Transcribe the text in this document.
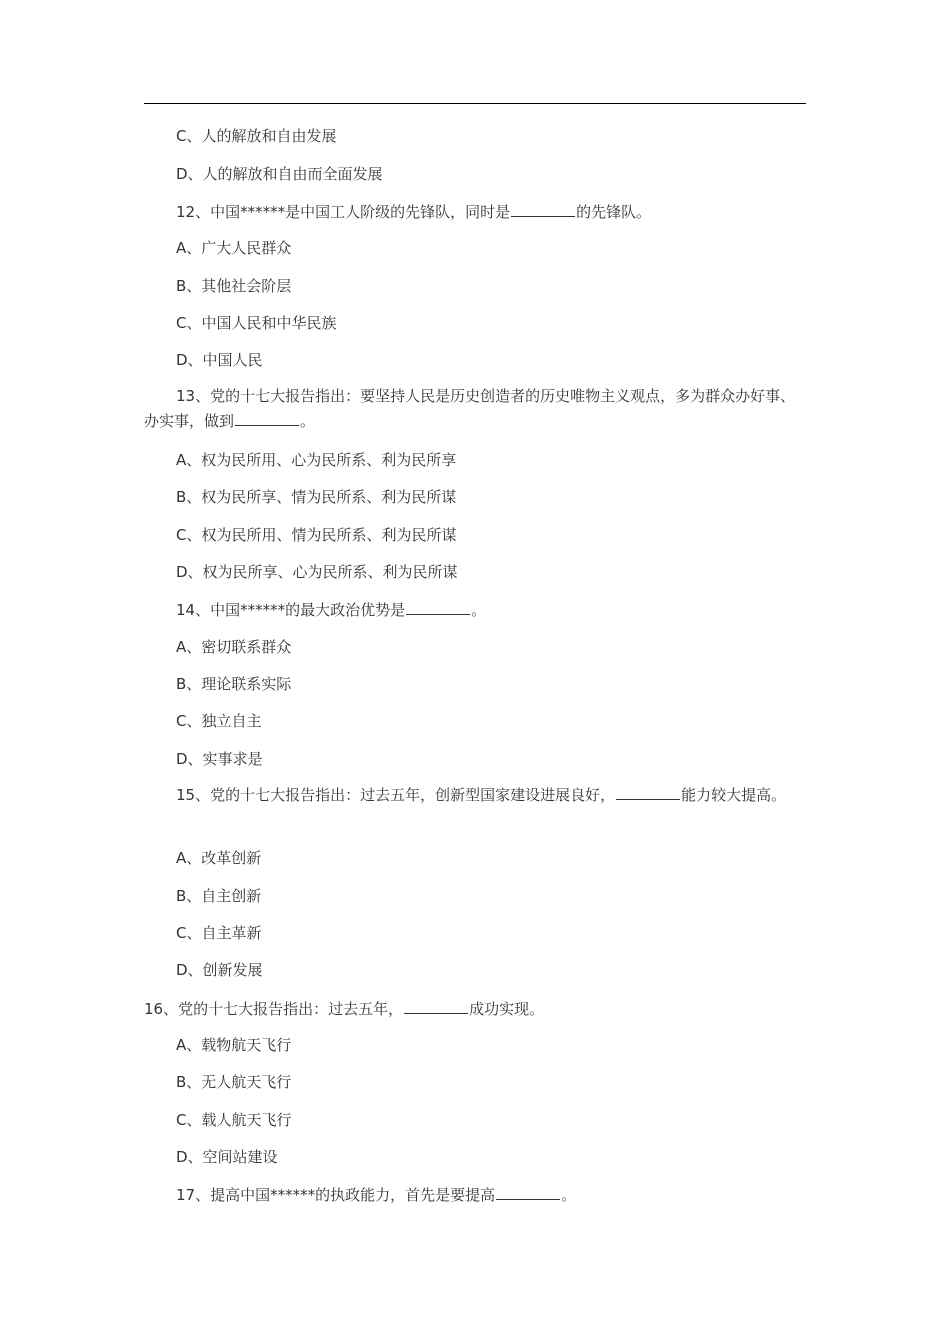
C、人的解放和自由发展
D、人的解放和自由而全面发展
12、中国******是中国工人阶级的先锋队，同时是	的先锋队。
A、广大人民群众
B、其他社会阶层
C、中国人民和中华民族
D、中国人民
13、党的十七大报告指出：要坚持人民是历史创造者的历史唯物主义观点，多为群众办好事、办实事，做到	。
A、权为民所用、心为民所系、利为民所享
B、权为民所享、情为民所系、利为民所谋
C、权为民所用、情为民所系、利为民所谋
D、权为民所享、心为民所系、利为民所谋
14、中国******的最大政治优势是	。
A、密切联系群众
B、理论联系实际
C、独立自主
D、实事求是
15、党的十七大报告指出：过去五年，创新型国家建设进展良好，	能力较大提高。
A、改革创新
B、自主创新
C、自主革新
D、创新发展
16、党的十七大报告指出：过去五年，	成功实现。
A、载物航天飞行
B、无人航天飞行
C、载人航天飞行
D、空间站建设
17、提高中国******的执政能力，首先是要提高	。
